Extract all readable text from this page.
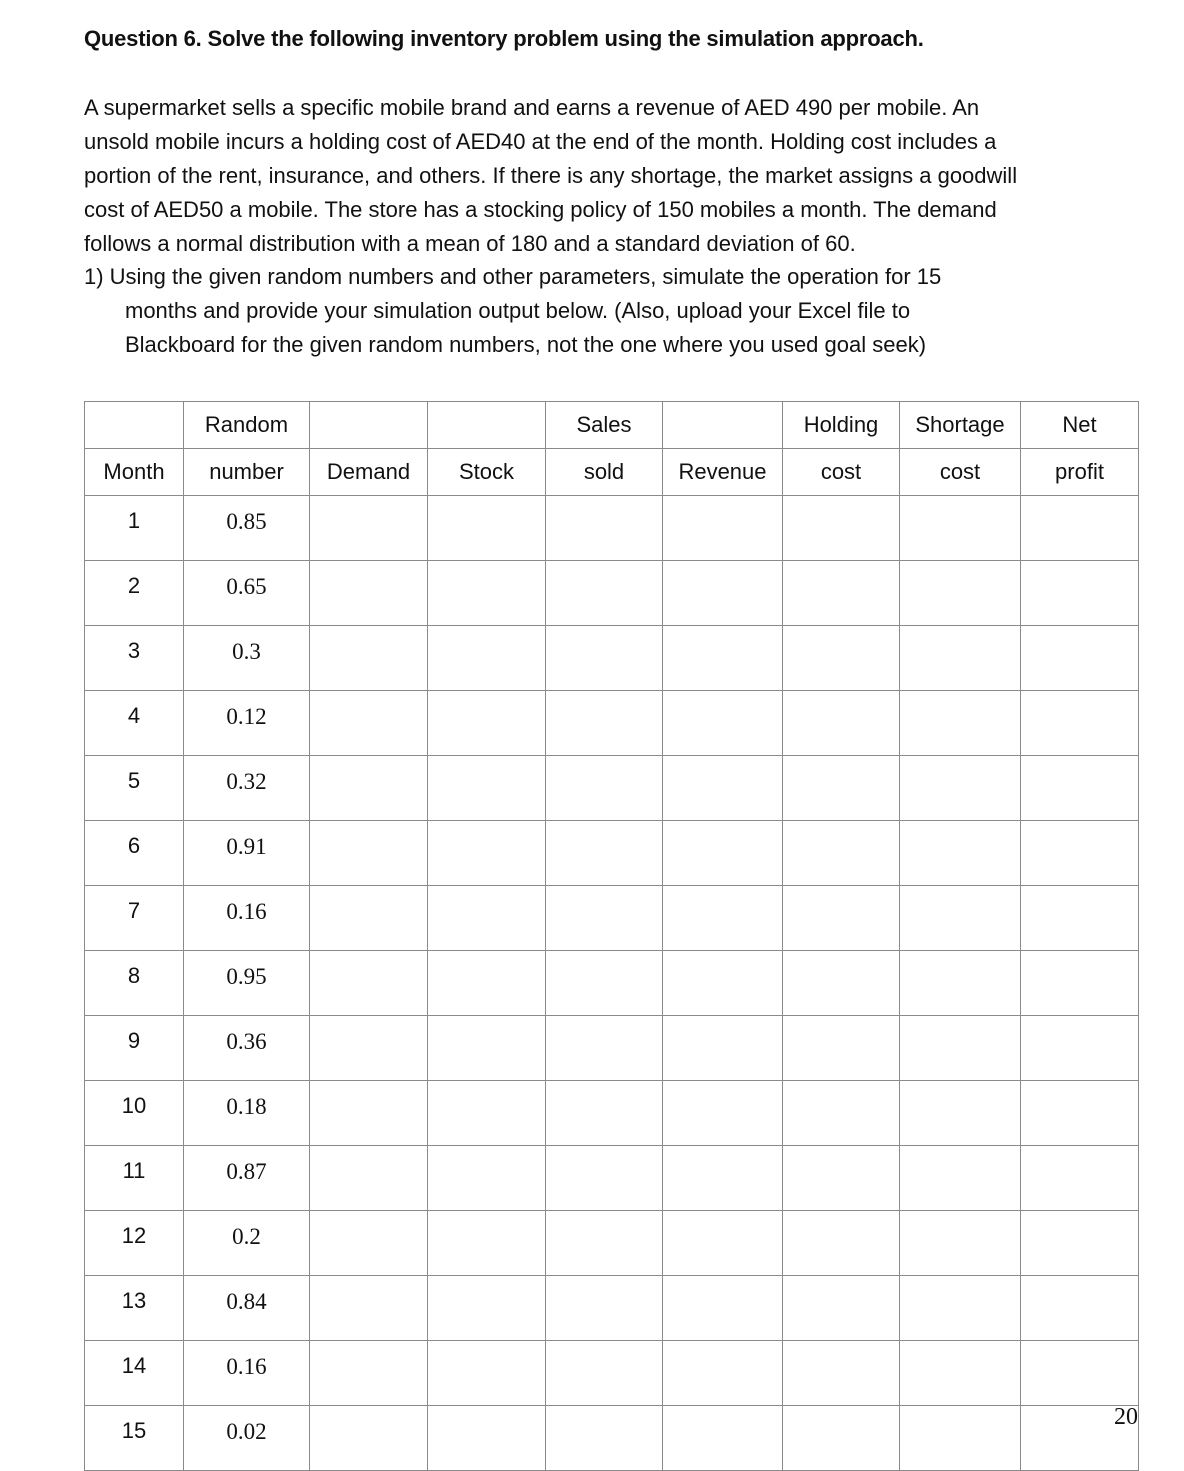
Question 6. Solve the following inventory problem using the simulation approach.
A supermarket sells a specific mobile brand and earns a revenue of AED 490 per mobile. An
unsold mobile incurs a holding cost of AED40 at the end of the month. Holding cost includes a
portion of the rent, insurance, and others. If there is any shortage, the market assigns a goodwill
cost of AED50 a mobile. The store has a stocking policy of 150 mobiles a month. The demand
follows a normal distribution with a mean of 180 and a standard deviation of 60.
1) Using the given random numbers and other parameters, simulate the operation for 15
months and provide your simulation output below. (Also, upload your Excel file to
Blackboard for the given random numbers, not the one where you used goal seek)
	Random			Sales		Holding	Shortage	Net
Month	number	Demand	Stock	sold	Revenue	cost	cost	profit
1	0.85							
2	0.65							
3	0.3							
4	0.12							
5	0.32							
6	0.91							
7	0.16							
8	0.95							
9	0.36							
10	0.18							
11	0.87							
12	0.2							
13	0.84							
14	0.16							
15	0.02							
20
